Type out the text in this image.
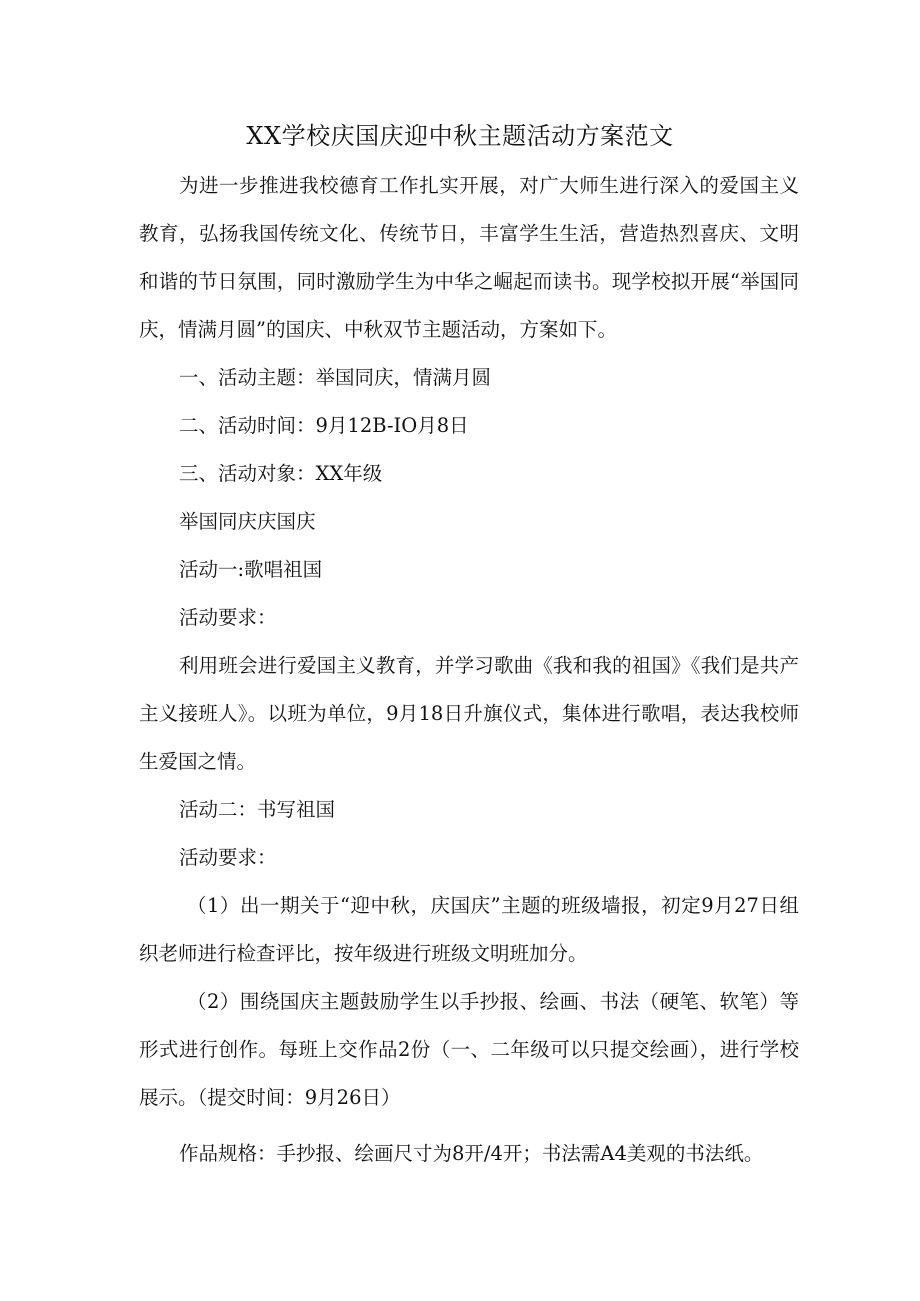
XX学校庆国庆迎中秋主题活动方案范文

为进一步推进我校德育工作扎实开展，对广大师生进行深入的爱国主义教育，弘扬我国传统文化、传统节日，丰富学生生活，营造热烈喜庆、文明和谐的节日氛围，同时激励学生为中华之崛起而读书。现学校拟开展“举国同庆，情满月圆”的国庆、中秋双节主题活动，方案如下。

一、活动主题：举国同庆，情满月圆

二、活动时间：9月12B-IO月8日

三、活动对象：XX年级

举国同庆庆国庆

活动一:歌唱祖国

活动要求：

利用班会进行爱国主义教育，并学习歌曲《我和我的祖国》《我们是共产主义接班人》。以班为单位，9月18日升旗仪式，集体进行歌唱，表达我校师生爱国之情。

活动二：书写祖国

活动要求：

（1）出一期关于“迎中秋，庆国庆”主题的班级墙报，初定9月27日组织老师进行检查评比，按年级进行班级文明班加分。

（2）围绕国庆主题鼓励学生以手抄报、绘画、书法（硬笔、软笔）等形式进行创作。每班上交作品2份（一、二年级可以只提交绘画），进行学校展示。（提交时间：9月26日）

作品规格：手抄报、绘画尺寸为8开/4开；书法需A4美观的书法纸。
